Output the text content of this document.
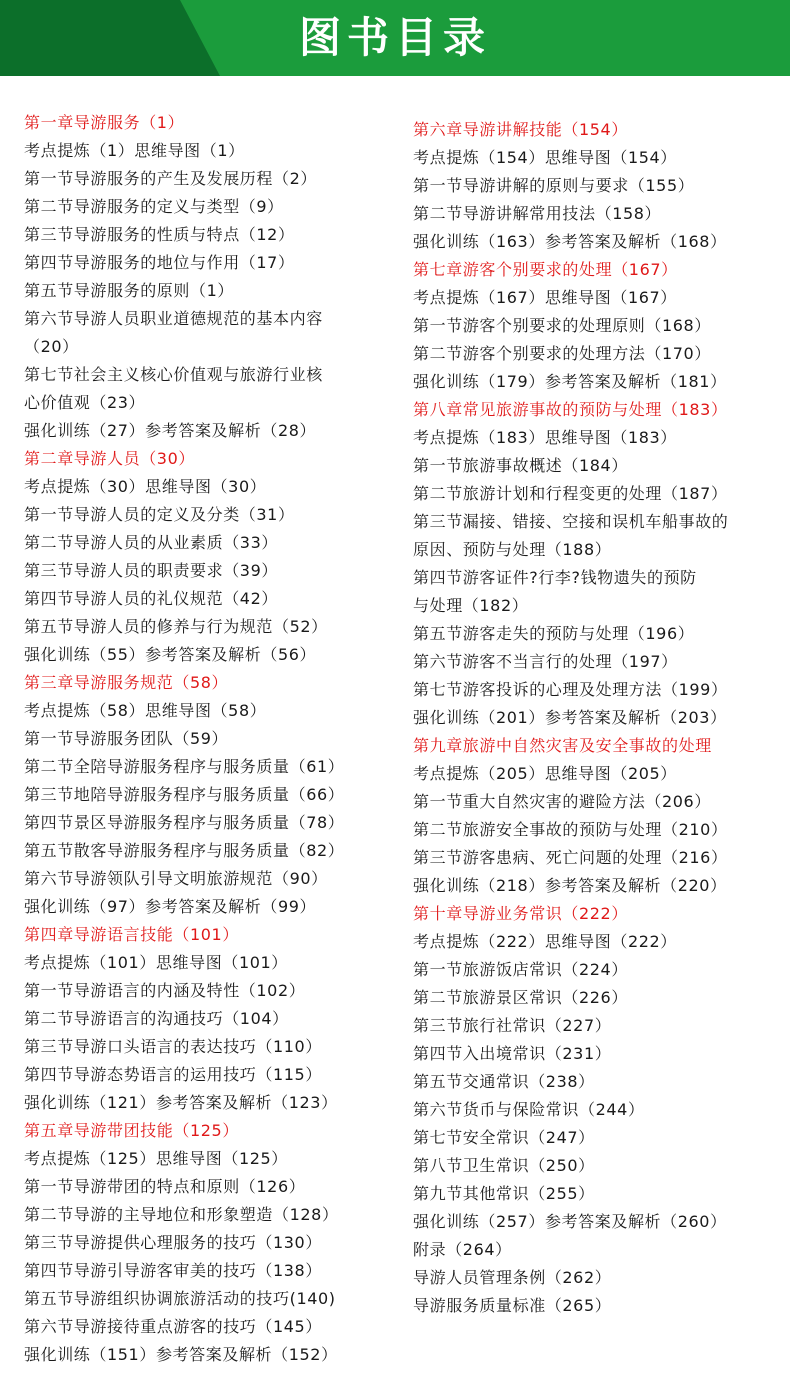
图书目录
第一章导游服务（1）
考点提炼（1）思维导图（1）
第一节导游服务的产生及发展历程（2）
第二节导游服务的定义与类型（9）
第三节导游服务的性质与特点（12）
第四节导游服务的地位与作用（17）
第五节导游服务的原则（1）
第六节导游人员职业道德规范的基本内容
（20）
第七节社会主义核心价值观与旅游行业核
心价值观（23）
强化训练（27）参考答案及解析（28）
第二章导游人员（30）
考点提炼（30）思维导图（30）
第一节导游人员的定义及分类（31）
第二节导游人员的从业素质（33）
第三节导游人员的职责要求（39）
第四节导游人员的礼仪规范（42）
第五节导游人员的修养与行为规范（52）
强化训练（55）参考答案及解析（56）
第三章导游服务规范（58）
考点提炼（58）思维导图（58）
第一节导游服务团队（59）
第二节全陪导游服务程序与服务质量（61）
第三节地陪导游服务程序与服务质量（66）
第四节景区导游服务程序与服务质量（78）
第五节散客导游服务程序与服务质量（82）
第六节导游领队引导文明旅游规范（90）
强化训练（97）参考答案及解析（99）
第四章导游语言技能（101）
考点提炼（101）思维导图（101）
第一节导游语言的内涵及特性（102）
第二节导游语言的沟通技巧（104）
第三节导游口头语言的表达技巧（110）
第四节导游态势语言的运用技巧（115）
强化训练（121）参考答案及解析（123）
第五章导游带团技能（125）
考点提炼（125）思维导图（125）
第一节导游带团的特点和原则（126）
第二节导游的主导地位和形象塑造（128）
第三节导游提供心理服务的技巧（130）
第四节导游引导游客审美的技巧（138）
第五节导游组织协调旅游活动的技巧(140)
第六节导游接待重点游客的技巧（145）
强化训练（151）参考答案及解析（152）
第六章导游讲解技能（154）
考点提炼（154）思维导图（154）
第一节导游讲解的原则与要求（155）
第二节导游讲解常用技法（158）
强化训练（163）参考答案及解析（168）
第七章游客个别要求的处理（167）
考点提炼（167）思维导图（167）
第一节游客个别要求的处理原则（168）
第二节游客个别要求的处理方法（170）
强化训练（179）参考答案及解析（181）
第八章常见旅游事故的预防与处理（183）
考点提炼（183）思维导图（183）
第一节旅游事故概述（184）
第二节旅游计划和行程变更的处理（187）
第三节漏接、错接、空接和误机车船事故的
原因、预防与处理（188）
第四节游客证件?行李?钱物遗失的预防
与处理（182）
第五节游客走失的预防与处理（196）
第六节游客不当言行的处理（197）
第七节游客投诉的心理及处理方法（199）
强化训练（201）参考答案及解析（203）
第九章旅游中自然灾害及安全事故的处理
考点提炼（205）思维导图（205）
第一节重大自然灾害的避险方法（206）
第二节旅游安全事故的预防与处理（210）
第三节游客患病、死亡问题的处理（216）
强化训练（218）参考答案及解析（220）
第十章导游业务常识（222）
考点提炼（222）思维导图（222）
第一节旅游饭店常识（224）
第二节旅游景区常识（226）
第三节旅行社常识（227）
第四节入出境常识（231）
第五节交通常识（238）
第六节货币与保险常识（244）
第七节安全常识（247）
第八节卫生常识（250）
第九节其他常识（255）
强化训练（257）参考答案及解析（260）
附录（264）
导游人员管理条例（262）
导游服务质量标准（265）
